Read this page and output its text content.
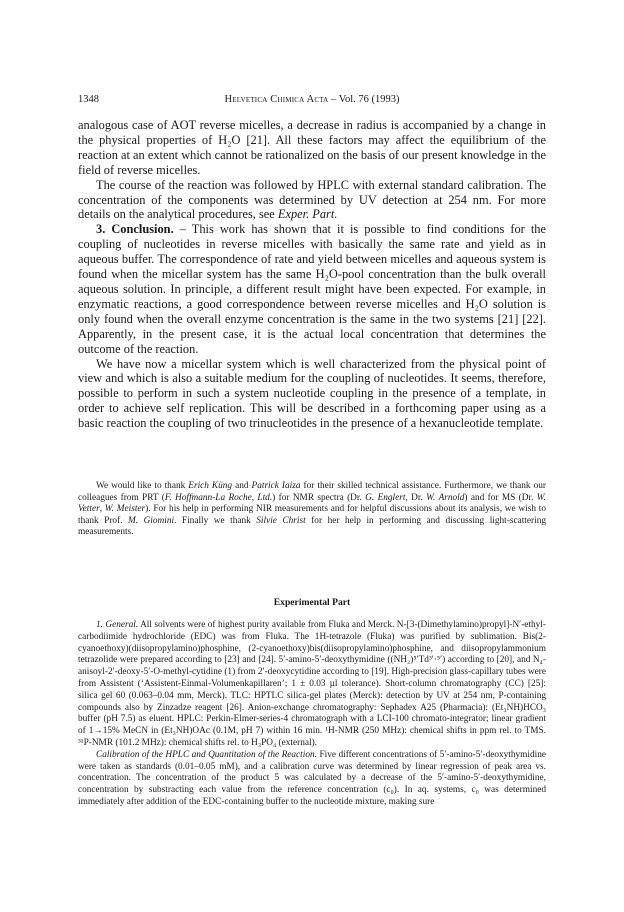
1348	Helvetica Chimica Acta – Vol. 76 (1993)

analogous case of AOT reverse micelles, a decrease in radius is accompanied by a change in the physical properties of H₂O [21]. All these factors may affect the equilibrium of the reaction at an extent which cannot be rationalized on the basis of our present knowledge in the field of reverse micelles.

The course of the reaction was followed by HPLC with external standard calibration. The concentration of the components was determined by UV detection at 254 nm. For more details on the analytical procedures, see Exper. Part.

3. Conclusion. – This work has shown that it is possible to find conditions for the coupling of nucleotides in reverse micelles with basically the same rate and yield as in aqueous buffer. The correspondence of rate and yield between micelles and aqueous system is found when the micellar system has the same H₂O-pool concentration than the bulk overall aqueous solution. In principle, a different result might have been expected. For example, in enzymatic reactions, a good correspondence between reverse micelles and H₂O solution is only found when the overall enzyme concentration is the same in the two systems [21] [22]. Apparently, in the present case, it is the actual local concentration that determines the outcome of the reaction.

We have now a micellar system which is well characterized from the physical point of view and which is also a suitable medium for the coupling of nucleotides. It seems, therefore, possible to perform in such a system nucleotide coupling in the presence of a template, in order to achieve self replication. This will be described in a forthcoming paper using as a basic reaction the coupling of two trinucleotides in the presence of a hexanucleotide template.

We would like to thank Erich Küng and Patrick Iaiza for their skilled technical assistance. Furthermore, we thank our colleagues from PRT (F. Hoffmann-La Roche, Ltd.) for NMR spectra (Dr. G. Englert, Dr. W. Arnold) and for MS (Dr. W. Vetter, W. Meister). For his help in performing NIR measurements and for helpful discussions about its analysis, we wish to thank Prof. M. Giomini. Finally we thank Silvie Christ for her help in performing and discussing light-scattering measurements.

Experimental Part

1. General. All solvents were of highest purity available from Fluka and Merck. N-[3-(Dimethylamino)propyl]-N′-ethyl-carbodiimide hydrochloride (EDC) was from Fluka. The 1H-tetrazole (Fluka) was purified by sublimation. Bis(2-cyanoethoxy)(diisopropylamino)phosphine, (2-cyanoethoxy)bis(diisopropylamino)phosphine, and diisopropylammonium tetrazolide were prepared according to [23] and [24]. 5′-amino-5′-deoxythymidine ((NH₂)⁵′Td³′·⁵′) according to [20], and N₄-anisoyl-2′-deoxy-5′-O-methyl-cytidine (1) from 2′-deoxycytidine according to [19]. High-precision glass-capillary tubes were from Assistent (‘Assistent-Einmal-Volumenkapillaren’; 1 ± 0.03 µl tolerance). Short-column chromatography (CC) [25]: silica gel 60 (0.063–0.04 mm, Merck). TLC: HPTLC silica-gel plates (Merck): detection by UV at 254 nm, P-containing compounds also by Zinzadze reagent [26]. Anion-exchange chromatography: Sephadex A25 (Pharmacia): (Et₃NH)HCO₃ buffer (pH 7.5) as eluent. HPLC: Perkin-Elmer-series-4 chromatograph with a LCI-100 chromato-integrator; linear gradient of 1→15% MeCN in (Et₃NH)OAc (0.1M, pH 7) within 16 min. ¹H-NMR (250 MHz): chemical shifts in ppm rel. to TMS. ³¹P-NMR (101.2 MHz): chemical shifts rel. to H₃PO₄ (external).

Calibration of the HPLC and Quantitation of the Reaction. Five different concentrations of 5′-amino-5′-deoxythymidine were taken as standards (0.01–0.05 mM), and a calibration curve was determined by linear regression of peak area vs. concentration. The concentration of the product 5 was calculated by a decrease of the 5′-amino-5′-deoxythymidine, concentration by substracting each value from the reference concentration (c₀). In aq. systems, c₀ was determined immediately after addition of the EDC-containing buffer to the nucleotide mixture, making sure
